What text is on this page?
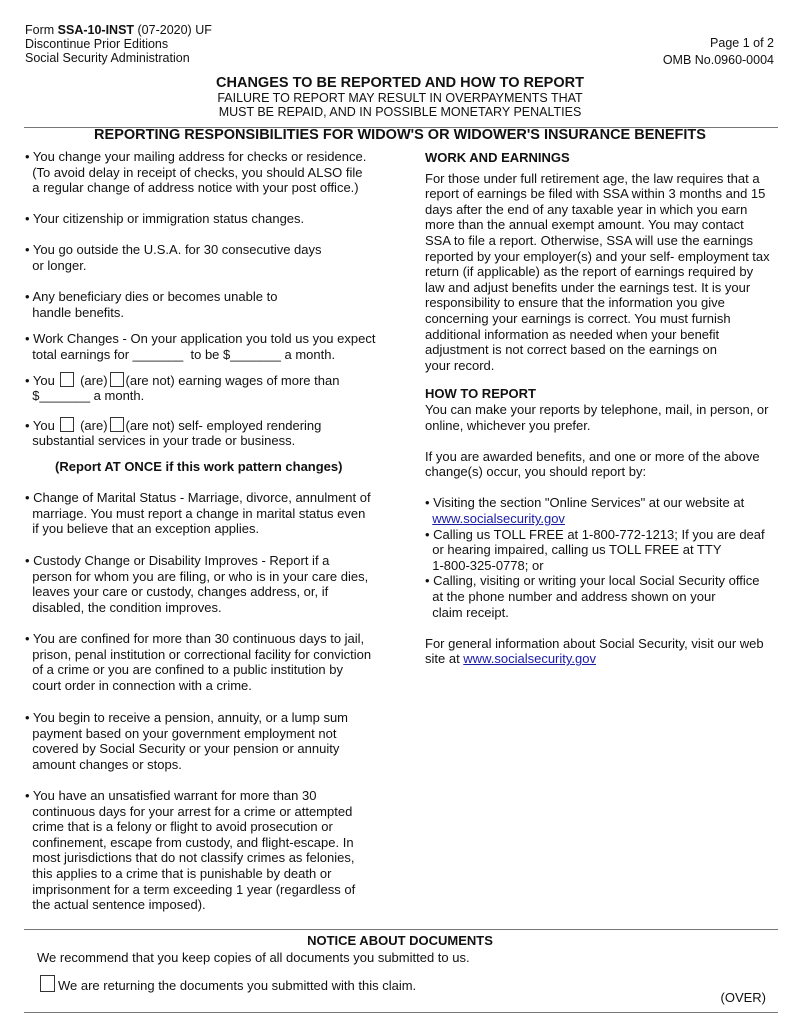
Form SSA-10-INST (07-2020) UF
Discontinue Prior Editions
Social Security Administration
Page 1 of 2
OMB No.0960-0004
CHANGES TO BE REPORTED AND HOW TO REPORT
FAILURE TO REPORT MAY RESULT IN OVERPAYMENTS THAT
MUST BE REPAID, AND IN POSSIBLE MONETARY PENALTIES
REPORTING RESPONSIBILITIES FOR WIDOW'S OR WIDOWER'S INSURANCE BENEFITS
• You change your mailing address for checks or residence.
(To avoid delay in receipt of checks, you should ALSO file
a regular change of address notice with your post office.)
• Your citizenship or immigration status changes.
• You go outside the U.S.A. for 30 consecutive days
or longer.
• Any beneficiary dies or becomes unable to
handle benefits.
• Work Changes - On your application you told us you expect
total earnings for _______  to be $_______ a month.
• You  (are) (are not) earning wages of more than
$_______ a month.
• You  (are) (are not) self- employed rendering
substantial services in your trade or business.
(Report AT ONCE if this work pattern changes)
• Change of Marital Status - Marriage, divorce, annulment of
marriage. You must report a change in marital status even
if you believe that an exception applies.
• Custody Change or Disability Improves - Report if a
person for whom you are filing, or who is in your care dies,
leaves your care or custody, changes address, or, if
disabled, the condition improves.
• You are confined for more than 30 continuous days to jail,
prison, penal institution or correctional facility for conviction
of a crime or you are confined to a public institution by
court order in connection with a crime.
• You begin to receive a pension, annuity, or a lump sum
payment based on your government employment not
covered by Social Security or your pension or annuity
amount changes or stops.
• You have an unsatisfied warrant for more than 30
continuous days for your arrest for a crime or attempted
crime that is a felony or flight to avoid prosecution or
confinement, escape from custody, and flight-escape. In
most jurisdictions that do not classify crimes as felonies,
this applies to a crime that is punishable by death or
imprisonment for a term exceeding 1 year (regardless of
the actual sentence imposed).
WORK AND EARNINGS
For those under full retirement age, the law requires that a
report of earnings be filed with SSA within 3 months and 15
days after the end of any taxable year in which you earn
more than the annual exempt amount. You may contact
SSA to file a report. Otherwise, SSA will use the earnings
reported by your employer(s) and your self- employment tax
return (if applicable) as the report of earnings required by
law and adjust benefits under the earnings test. It is your
responsibility to ensure that the information you give
concerning your earnings is correct. You must furnish
additional information as needed when your benefit
adjustment is not correct based on the earnings on
your record.
HOW TO REPORT
You can make your reports by telephone, mail, in person, or
online, whichever you prefer.
If you are awarded benefits, and one or more of the above
change(s) occur, you should report by:
• Visiting the section "Online Services" at our website at
www.socialsecurity.gov
• Calling us TOLL FREE at 1-800-772-1213; If you are deaf
or hearing impaired, calling us TOLL FREE at TTY
1-800-325-0778; or
• Calling, visiting or writing your local Social Security office
at the phone number and address shown on your
claim receipt.
For general information about Social Security, visit our web
site at www.socialsecurity.gov
NOTICE ABOUT DOCUMENTS
We recommend that you keep copies of all documents you submitted to us.
We are returning the documents you submitted with this claim.
(OVER)
